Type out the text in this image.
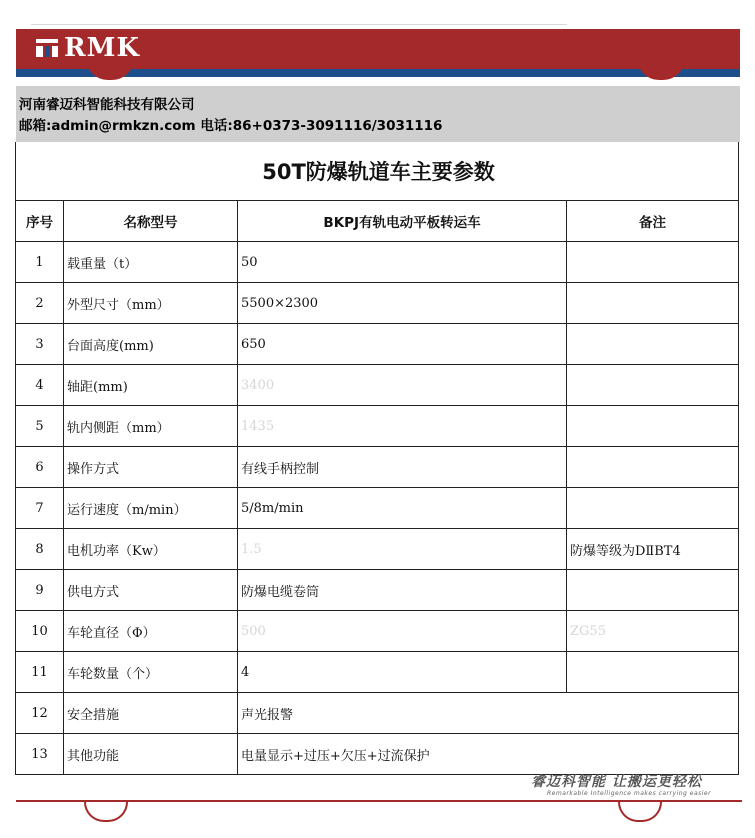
RMK
河南睿迈科智能科技有限公司
邮箱:admin@rmkzn.com 电话:86+0373-3091116/3031116
50T防爆轨道车主要参数			
序号	名称型号	BKPJ有轨电动平板转运车	备注
1	载重量（t）	50	
2	外型尺寸（mm）	5500×2300	
3	台面高度(mm)	650	
4	轴距(mm)	3400	
5	轨内侧距（mm）	1435	
6	操作方式	有线手柄控制	
7	运行速度（m/min）	5/8m/min	
8	电机功率（Kw）	1.5	防爆等级为DⅡBT4
9	供电方式	防爆电缆卷筒	
10	车轮直径（Φ）	500	ZG55
11	车轮数量（个）	4	
12	安全措施	声光报警	
13	其他功能	电量显示+过压+欠压+过流保护	
睿迈科智能 让搬运更轻松
Remarkable Intelligence makes carrying easier
